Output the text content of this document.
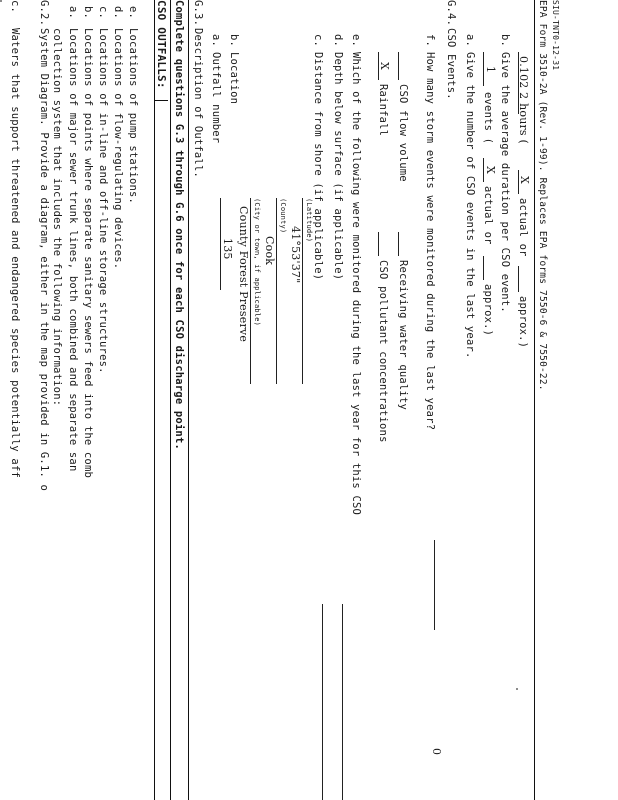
c.
Waters that support threatened and endangered species potentially aff
G.2.
System Diagram. Provide a diagram, either in the map provided in G.1. o collection system that includes the following information:
a.
Locations of major sewer trunk lines, both combined and separate san
b.
Locations of points where separate sanitary sewers feed into the comb
c.
Locations of in-line and off-line storage structures.
d.
Locations of flow-regulating devices.
e.
Locations of pump stations. CSO OUTFALLS: Complete questions G.3 through G.6 once for each CSO discharge point. G.3.
Description of Outfall. a.
Outfall number
135
b.
Location
County Forest Preserve (City or town, if applicable) Cook
(County)
41°53'37"
(Latitude)
c.
Distance from shore (if applicable)
d.
Depth below surface (if applicable)
e.
Which of the following were monitored during the last year for this CSO X
Rainfall
CSO pollutant concentrations
CSO flow volume
Receiving water quality
f.
How many storm events were monitored during the last year?
0
G.4.
CSO Events. a.
Give the number of CSO events in the last year. 1
events (
X
actual or
approx.)
b.
Give the average duration per CSO event. 0.102 2 hours (
X
actual or
approx.) EPA Form 3510-2A (Rev. 1-99). Replaces EPA forms 7550-6 & 7550-22. SIU-TNT0-12-31
